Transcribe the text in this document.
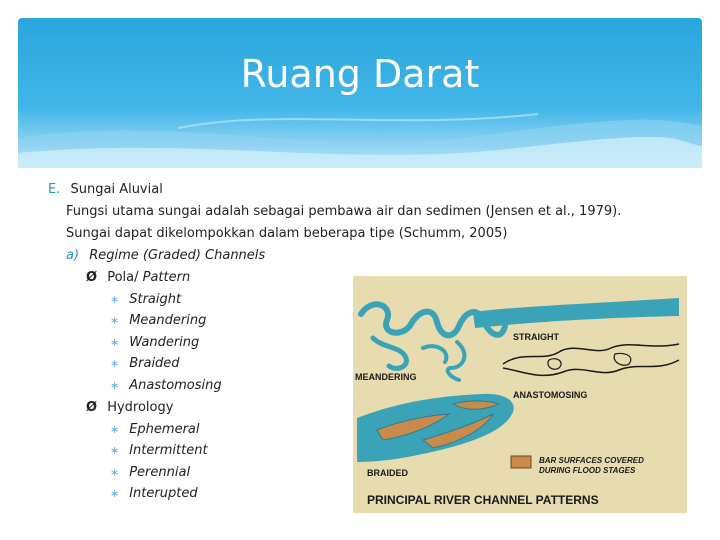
Ruang Darat
E. Sungai Aluvial
Fungsi utama sungai adalah sebagai pembawa air dan sedimen (Jensen et al., 1979).
Sungai dapat dikelompokkan dalam beberapa tipe (Schumm, 2005)
a) Regime (Graded) Channels
Ø Pola/ Pattern
∗ Straight
∗ Meandering
∗ Wandering
∗ Braided
∗ Anastomosing
Ø Hydrology
∗ Ephemeral
∗ Intermittent
∗ Perennial
∗ Interupted
MEANDERING
STRAIGHT
ANASTOMOSING
BRAIDED
BAR SURFACES COVERED
DURING FLOOD STAGES
PRINCIPAL RIVER CHANNEL PATTERNS
